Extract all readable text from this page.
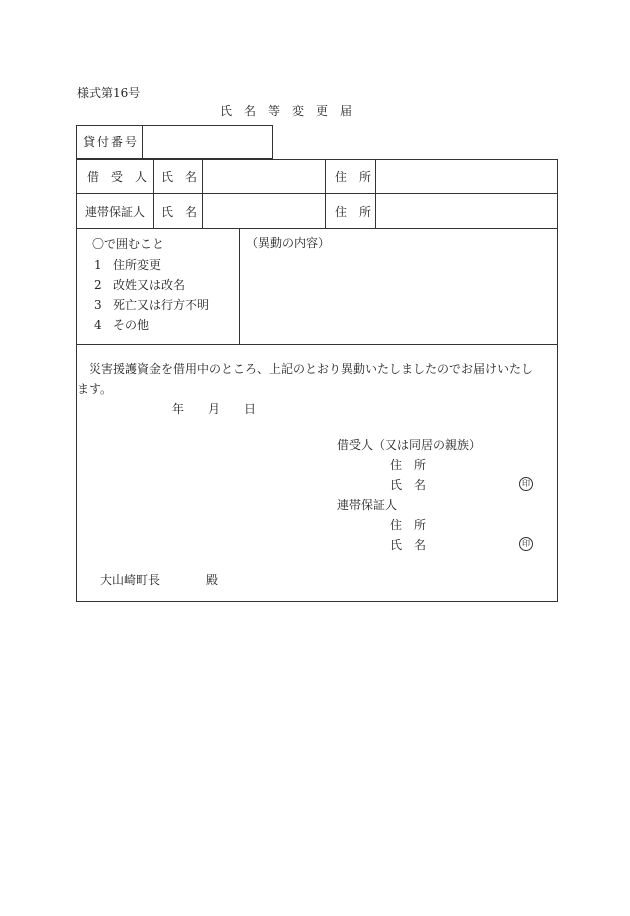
様式第16号
氏　名　等　変　更　届
貸付番号
借　受　人 氏　名	住　所
連帯保証人 氏　名	住　所
〇で囲むこと
1 住所変更
2 改姓又は改名
3 死亡又は行方不明
4 その他
（異動の内容）
災害援護資金を借用中のところ、上記のとおり異動いたしましたのでお届けいたします。
年　　月　　日
借受人（又は同居の親族）
住　所
氏　名	印
連帯保証人
住　所
氏　名	印
大山崎町長	殿
